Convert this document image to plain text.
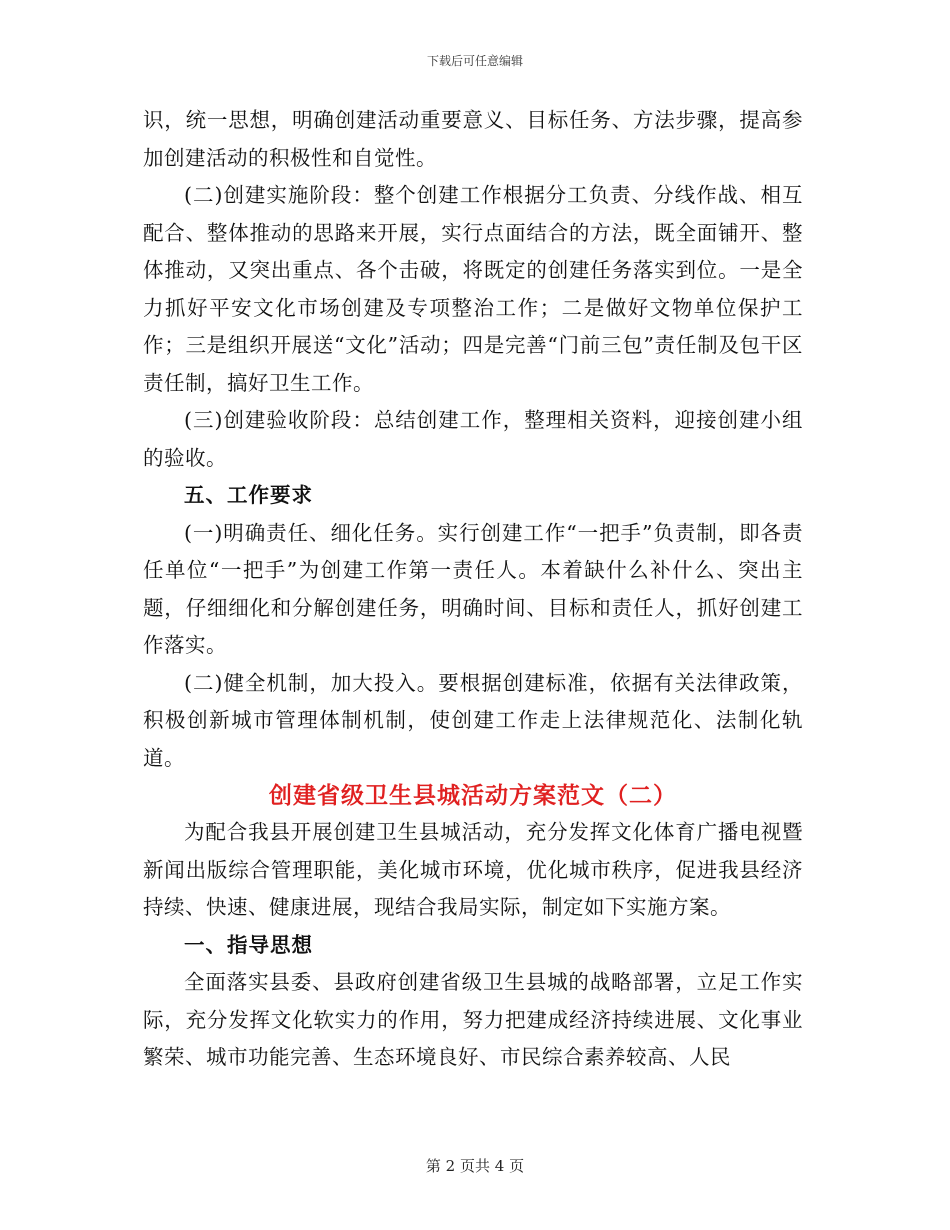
下载后可任意编辑

识，统一思想，明确创建活动重要意义、目标任务、方法步骤，提高参加创建活动的积极性和自觉性。

(二)创建实施阶段：整个创建工作根据分工负责、分线作战、相互配合、整体推动的思路来开展，实行点面结合的方法，既全面铺开、整体推动，又突出重点、各个击破，将既定的创建任务落实到位。一是全力抓好平安文化市场创建及专项整治工作；二是做好文物单位保护工作；三是组织开展送“文化”活动；四是完善“门前三包”责任制及包干区责任制，搞好卫生工作。

(三)创建验收阶段：总结创建工作，整理相关资料，迎接创建小组的验收。

五、工作要求

(一)明确责任、细化任务。实行创建工作“一把手”负责制，即各责任单位“一把手”为创建工作第一责任人。本着缺什么补什么、突出主题，仔细细化和分解创建任务，明确时间、目标和责任人，抓好创建工作落实。

(二)健全机制，加大投入。要根据创建标准，依据有关法律政策，积极创新城市管理体制机制，使创建工作走上法律规范化、法制化轨道。

创建省级卫生县城活动方案范文（二）

为配合我县开展创建卫生县城活动，充分发挥文化体育广播电视暨新闻出版综合管理职能，美化城市环境，优化城市秩序，促进我县经济持续、快速、健康进展，现结合我局实际，制定如下实施方案。

一、指导思想

全面落实县委、县政府创建省级卫生县城的战略部署，立足工作实际，充分发挥文化软实力的作用，努力把建成经济持续进展、文化事业繁荣、城市功能完善、生态环境良好、市民综合素养较高、人民

第 2 页共 4 页
